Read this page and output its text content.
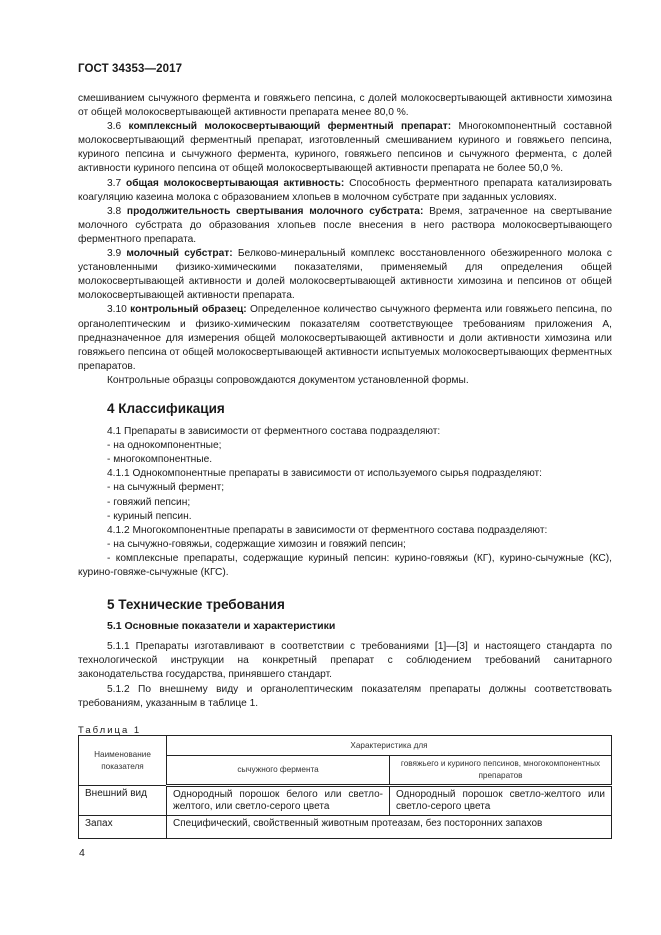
ГОСТ 34353—2017

смешиванием сычужного фермента и говяжьего пепсина, с долей молокосвертывающей активности химозина от общей молокосвертывающей активности препарата менее 80,0 %.

3.6 комплексный молокосвертывающий ферментный препарат: Многокомпонентный составной молокосвертывающий ферментный препарат, изготовленный смешиванием куриного и говяжьего пепсина, куриного пепсина и сычужного фермента, куриного, говяжьего пепсинов и сычужного фермента, с долей активности куриного пепсина от общей молокосвертывающей активности препарата не более 50,0 %.

3.7 общая молокосвертывающая активность: Способность ферментного препарата катализировать коагуляцию казеина молока с образованием хлопьев в молочном субстрате при заданных условиях.

3.8 продолжительность свертывания молочного субстрата: Время, затраченное на свертывание молочного субстрата до образования хлопьев после внесения в него раствора молокосвертывающего ферментного препарата.

3.9 молочный субстрат: Белково-минеральный комплекс восстановленного обезжиренного молока с установленными физико-химическими показателями, применяемый для определения общей молокосвертывающей активности и долей молокосвертывающей активности химозина и пепсинов от общей молокосвертывающей активности препарата.

3.10 контрольный образец: Определенное количество сычужного фермента или говяжьего пепсина, по органолептическим и физико-химическим показателям соответствующее требованиям приложения А, предназначенное для измерения общей молокосвертывающей активности и доли активности химозина или говяжьего пепсина от общей молокосвертывающей активности испытуемых молокосвертывающих ферментных препаратов.

Контрольные образцы сопровождаются документом установленной формы.

4 Классификация

4.1 Препараты в зависимости от ферментного состава подразделяют:

- на однокомпонентные;

- многокомпонентные.

4.1.1 Однокомпонентные препараты в зависимости от используемого сырья подразделяют:

- на сычужный фермент;

- говяжий пепсин;

- куриный пепсин.

4.1.2 Многокомпонентные препараты в зависимости от ферментного состава подразделяют:

- на сычужно-говяжьи, содержащие химозин и говяжий пепсин;

- комплексные препараты, содержащие куриный пепсин: курино-говяжьи (КГ), курино-сычужные (КС), курино-говяже-сычужные (КГС).

5 Технические требования
5.1 Основные показатели и характеристики

5.1.1 Препараты изготавливают в соответствии с требованиями [1]—[3] и настоящего стандарта по технологической инструкции на конкретный препарат с соблюдением требований санитарного законодательства государства, принявшего стандарт.

5.1.2 По внешнему виду и органолептическим показателям препараты должны соответствовать требованиям, указанным в таблице 1.

Таблица 1

Наименование показателя	Характеристика для	
	сычужного фермента	говяжьего и куриного пепсинов, многокомпонентных препаратов
Внешний вид	Однородный порошок белого или светло-желтого, или светло-серого цвета	Однородный порошок светло-желтого или светло-серого цвета
Запах	Специфический, свойственный животным протеазам, без посторонних запахов	
4
